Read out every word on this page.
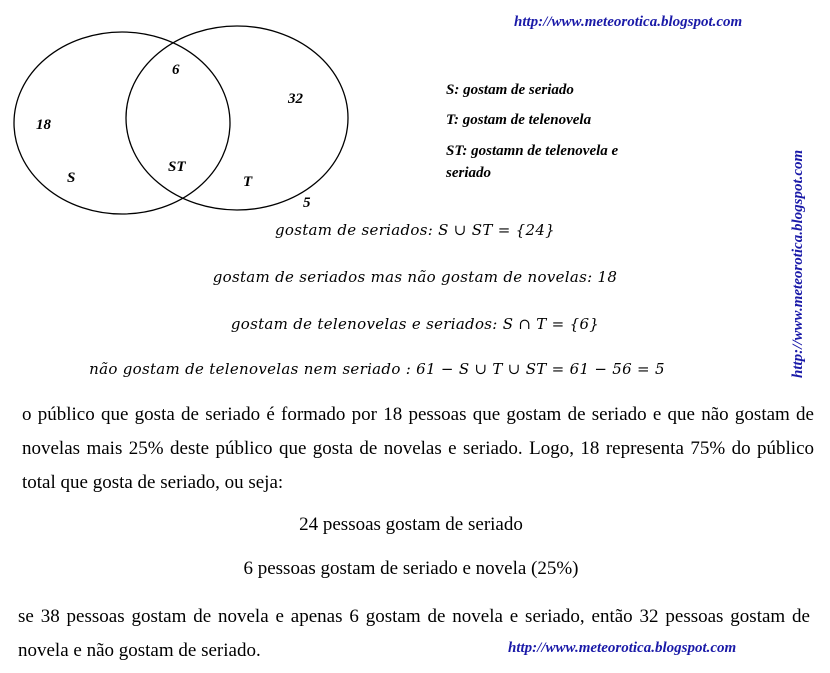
http://www.meteorotica.blogspot.com
http://www.meteorotica.blogspot.com
6
32
18
ST
S	T
5
S: gostam de seriado
T: gostam de telenovela
ST: gostamn de telenovela e
seriado
gostam de seriados: S ∪ ST = {24}
gostam de seriados mas não gostam de novelas: 18
gostam de telenovelas e seriados: S ∩ T = {6}
não gostam de telenovelas nem seriado : 61 − S ∪ T ∪ ST = 61 − 56 = 5
o público que gosta de seriado é formado por 18 pessoas que gostam de seriado e que não gostam de novelas mais 25% deste público que gosta de novelas e seriado. Logo, 18 representa 75% do público total que gosta de seriado, ou seja:
24 pessoas gostam de seriado
6 pessoas gostam de seriado e novela (25%)
se 38 pessoas gostam de novela e apenas 6 gostam de novela e seriado, então 32 pessoas gostam de novela e não gostam de seriado.	http://www.meteorotica.blogspot.com
